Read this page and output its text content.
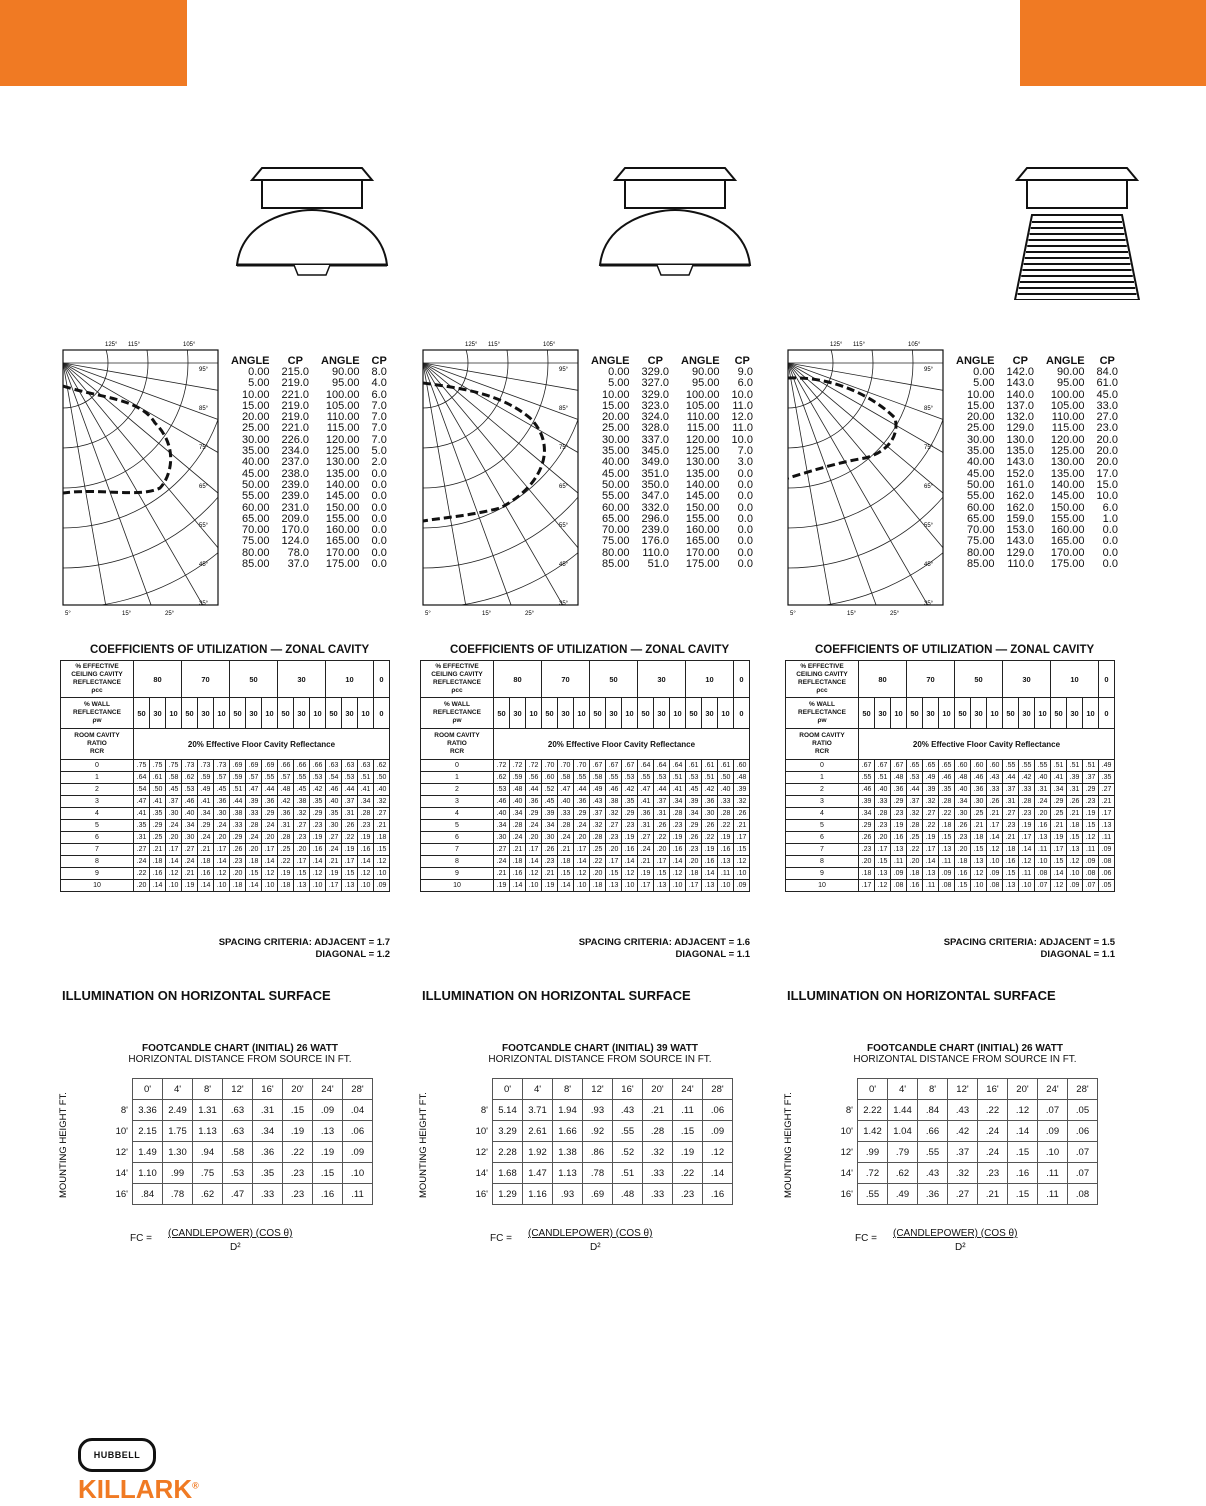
125° 115°	105°
95°
85°
75°
65°
55°
45°
35°
5°	15°	25°
ANGLE	CP	ANGLE	CP
0.00	215.0	90.00	8.0
5.00	219.0	95.00	4.0
10.00	221.0	100.00	6.0
15.00	219.0	105.00	7.0
20.00	219.0	110.00	7.0
25.00	221.0	115.00	7.0
30.00	226.0	120.00	7.0
35.00	234.0	125.00	5.0
40.00	237.0	130.00	2.0
45.00	238.0	135.00	0.0
50.00	239.0	140.00	0.0
55.00	239.0	145.00	0.0
60.00	231.0	150.00	0.0
65.00	209.0	155.00	0.0
70.00	170.0	160.00	0.0
75.00	124.0	165.00	0.0
80.00	78.0	170.00	0.0
85.00	37.0	175.00	0.0
COEFFICIENTS OF UTILIZATION — ZONAL CAVITY
% EFFECTIVE
CEILING CAVITY
REFLECTANCE
ρcc	80			70			50			30			10			0
% WALL
REFLECTANCE
ρw	50	30	10	50	30	10	50	30	10	50	30	10	50	30	10	0
ROOM CAVITY
RATIO
RCR	20% Effective Floor Cavity Reflectance															
0	.75	.75	.75	.73	.73	.73	.69	.69	.69	.66	.66	.66	.63	.63	.63	.62
1	.64	.61	.58	.62	.59	.57	.59	.57	.55	.57	.55	.53	.54	.53	.51	.50
2	.54	.50	.45	.53	.49	.45	.51	.47	.44	.48	.45	.42	.46	.44	.41	.40
3	.47	.41	.37	.46	.41	.36	.44	.39	.36	.42	.38	.35	.40	.37	.34	.32
4	.41	.35	.30	.40	.34	.30	.38	.33	.29	.36	.32	.29	.35	.31	.28	.27
5	.35	.29	.24	.34	.29	.24	.33	.28	.24	.31	.27	.23	.30	.26	.23	.21
6	.31	.25	.20	.30	.24	.20	.29	.24	.20	.28	.23	.19	.27	.22	.19	.18
7	.27	.21	.17	.27	.21	.17	.26	.20	.17	.25	.20	.16	.24	.19	.16	.15
8	.24	.18	.14	.24	.18	.14	.23	.18	.14	.22	.17	.14	.21	.17	.14	.12
9	.22	.16	.12	.21	.16	.12	.20	.15	.12	.19	.15	.12	.19	.15	.12	.10
10	.20	.14	.10	.19	.14	.10	.18	.14	.10	.18	.13	.10	.17	.13	.10	.09
SPACING CRITERIA: ADJACENT = 1.7
DIAGONAL = 1.2
ILLUMINATION ON HORIZONTAL SURFACE
FOOTCANDLE CHART (INITIAL) 26 WATT
HORIZONTAL DISTANCE FROM SOURCE IN FT.
MOUNTING HEIGHT FT.
	0'	4'	8'	12'	16'	20'	24'	28'
8'	3.36	2.49	1.31	.63	.31	.15	.09	.04
10'	2.15	1.75	1.13	.63	.34	.19	.13	.06
12'	1.49	1.30	.94	.58	.36	.22	.19	.09
14'	1.10	.99	.75	.53	.35	.23	.15	.10
16'	.84	.78	.62	.47	.33	.23	.16	.11
FC = (CANDLEPOWER) (COS θ)
D²
125° 115°	105°
95°
85°
75°
65°
55°
45°
35°
5°	15°	25°
ANGLE	CP	ANGLE	CP
0.00	329.0	90.00	9.0
5.00	327.0	95.00	6.0
10.00	329.0	100.00	10.0
15.00	323.0	105.00	11.0
20.00	324.0	110.00	12.0
25.00	328.0	115.00	11.0
30.00	337.0	120.00	10.0
35.00	345.0	125.00	7.0
40.00	349.0	130.00	3.0
45.00	351.0	135.00	0.0
50.00	350.0	140.00	0.0
55.00	347.0	145.00	0.0
60.00	332.0	150.00	0.0
65.00	296.0	155.00	0.0
70.00	239.0	160.00	0.0
75.00	176.0	165.00	0.0
80.00	110.0	170.00	0.0
85.00	51.0	175.00	0.0
COEFFICIENTS OF UTILIZATION — ZONAL CAVITY
% EFFECTIVE
CEILING CAVITY
REFLECTANCE
ρcc	80			70			50			30			10			0
% WALL
REFLECTANCE
ρw	50	30	10	50	30	10	50	30	10	50	30	10	50	30	10	0
ROOM CAVITY
RATIO
RCR	20% Effective Floor Cavity Reflectance															
0	.72	.72	.72	.70	.70	.70	.67	.67	.67	.64	.64	.64	.61	.61	.61	.60
1	.62	.59	.56	.60	.58	.55	.58	.55	.53	.55	.53	.51	.53	.51	.50	.48
2	.53	.48	.44	.52	.47	.44	.49	.46	.42	.47	.44	.41	.45	.42	.40	.39
3	.46	.40	.36	.45	.40	.36	.43	.38	.35	.41	.37	.34	.39	.36	.33	.32
4	.40	.34	.29	.39	.33	.29	.37	.32	.29	.36	.31	.28	.34	.30	.28	.26
5	.34	.28	.24	.34	.28	.24	.32	.27	.23	.31	.26	.23	.29	.26	.22	.21
6	.30	.24	.20	.30	.24	.20	.28	.23	.19	.27	.22	.19	.26	.22	.19	.17
7	.27	.21	.17	.26	.21	.17	.25	.20	.16	.24	.20	.16	.23	.19	.16	.15
8	.24	.18	.14	.23	.18	.14	.22	.17	.14	.21	.17	.14	.20	.16	.13	.12
9	.21	.16	.12	.21	.15	.12	.20	.15	.12	.19	.15	.12	.18	.14	.11	.10
10	.19	.14	.10	.19	.14	.10	.18	.13	.10	.17	.13	.10	.17	.13	.10	.09
SPACING CRITERIA: ADJACENT = 1.6
DIAGONAL = 1.1
ILLUMINATION ON HORIZONTAL SURFACE
FOOTCANDLE CHART (INITIAL) 39 WATT
HORIZONTAL DISTANCE FROM SOURCE IN FT.
MOUNTING HEIGHT FT.
	0'	4'	8'	12'	16'	20'	24'	28'
8'	5.14	3.71	1.94	.93	.43	.21	.11	.06
10'	3.29	2.61	1.66	.92	.55	.28	.15	.09
12'	2.28	1.92	1.38	.86	.52	.32	.19	.12
14'	1.68	1.47	1.13	.78	.51	.33	.22	.14
16'	1.29	1.16	.93	.69	.48	.33	.23	.16
FC = (CANDLEPOWER) (COS θ)
D²
125° 115°	105°
95°
85°
75°
65°
55°
45°
35°
5°	15°	25°
ANGLE	CP	ANGLE	CP
0.00	142.0	90.00	84.0
5.00	143.0	95.00	61.0
10.00	140.0	100.00	45.0
15.00	137.0	105.00	33.0
20.00	132.0	110.00	27.0
25.00	129.0	115.00	23.0
30.00	130.0	120.00	20.0
35.00	135.0	125.00	20.0
40.00	143.0	130.00	20.0
45.00	152.0	135.00	17.0
50.00	161.0	140.00	15.0
55.00	162.0	145.00	10.0
60.00	162.0	150.00	6.0
65.00	159.0	155.00	1.0
70.00	153.0	160.00	0.0
75.00	143.0	165.00	0.0
80.00	129.0	170.00	0.0
85.00	110.0	175.00	0.0
COEFFICIENTS OF UTILIZATION — ZONAL CAVITY
% EFFECTIVE
CEILING CAVITY
REFLECTANCE
ρcc	80			70			50			30			10			0
% WALL
REFLECTANCE
ρw	50	30	10	50	30	10	50	30	10	50	30	10	50	30	10	0
ROOM CAVITY
RATIO
RCR	20% Effective Floor Cavity Reflectance															
0	.67	.67	.67	.65	.65	.65	.60	.60	.60	.55	.55	.55	.51	.51	.51	.49
1	.55	.51	.48	.53	.49	.46	.48	.46	.43	.44	.42	.40	.41	.39	.37	.35
2	.46	.40	.36	.44	.39	.35	.40	.36	.33	.37	.33	.31	.34	.31	.29	.27
3	.39	.33	.29	.37	.32	.28	.34	.30	.26	.31	.28	.24	.29	.26	.23	.21
4	.34	.28	.23	.32	.27	.22	.30	.25	.21	.27	.23	.20	.25	.21	.19	.17
5	.29	.23	.19	.28	.22	.18	.26	.21	.17	.23	.19	.16	.21	.18	.15	.13
6	.26	.20	.16	.25	.19	.15	.23	.18	.14	.21	.17	.13	.19	.15	.12	.11
7	.23	.17	.13	.22	.17	.13	.20	.15	.12	.18	.14	.11	.17	.13	.11	.09
8	.20	.15	.11	.20	.14	.11	.18	.13	.10	.16	.12	.10	.15	.12	.09	.08
9	.18	.13	.09	.18	.13	.09	.16	.12	.09	.15	.11	.08	.14	.10	.08	.06
10	.17	.12	.08	.16	.11	.08	.15	.10	.08	.13	.10	.07	.12	.09	.07	.05
SPACING CRITERIA: ADJACENT = 1.5
DIAGONAL = 1.1
ILLUMINATION ON HORIZONTAL SURFACE
FOOTCANDLE CHART (INITIAL) 26 WATT
HORIZONTAL DISTANCE FROM SOURCE IN FT.
MOUNTING HEIGHT FT.
	0'	4'	8'	12'	16'	20'	24'	28'
8'	2.22	1.44	.84	.43	.22	.12	.07	.05
10'	1.42	1.04	.66	.42	.24	.14	.09	.06
12'	.99	.79	.55	.37	.24	.15	.10	.07
14'	.72	.62	.43	.32	.23	.16	.11	.07
16'	.55	.49	.36	.27	.21	.15	.11	.08
FC = (CANDLEPOWER) (COS θ)
D²
HUBBELL
KILLARK®
